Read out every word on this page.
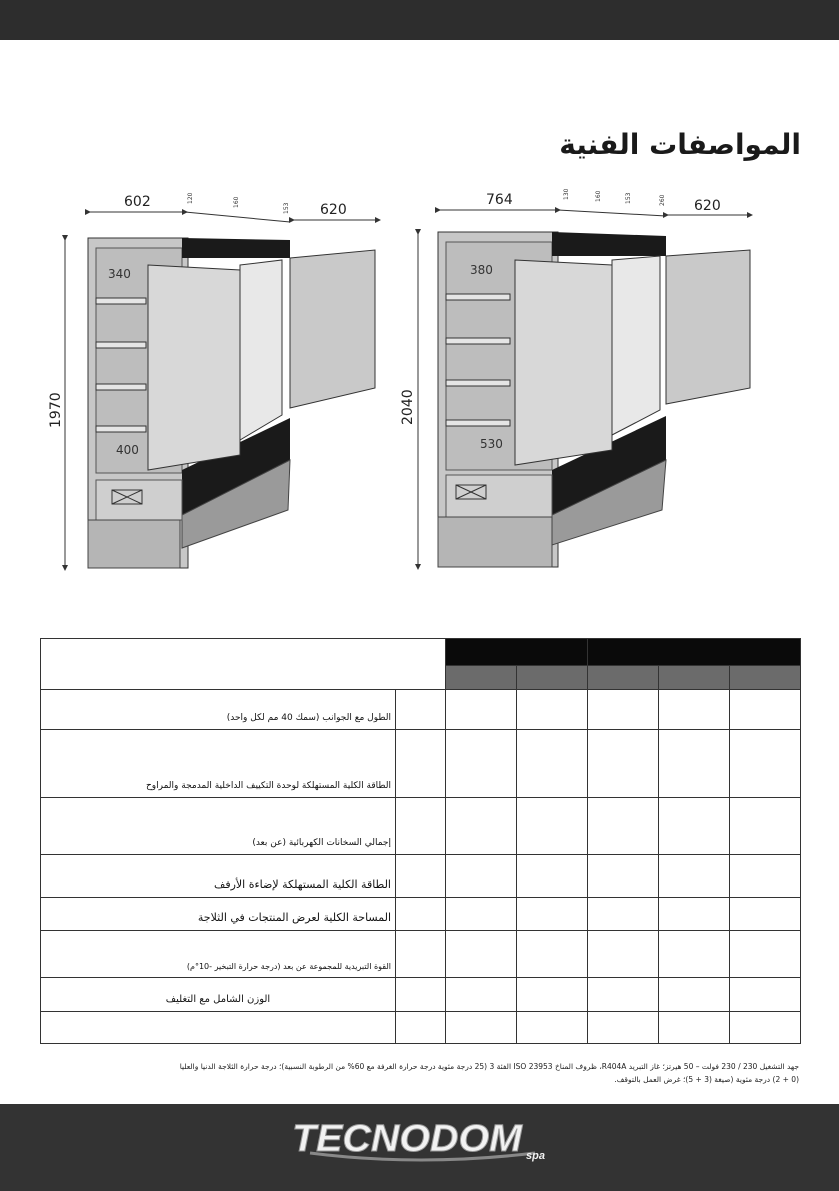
المواصفات الفنية
602	620
1970
340
400
120	160
153
764	620
2040
380
530
130	160	153	260

الطول مع الجوانب (سمك 40 مم لكل واحد)						
الطاقة الكلية المستهلكة لوحدة التكييف الداخلية المدمجة والمراوح						
إجمالي السخانات الكهربائية (عن بعد)						
الطاقة الكلية المستهلكة لإضاءة الأرفف						
المساحة الكلية لعرض المنتجات في الثلاجة						
القوة التبريدية للمجموعة عن بعد (درجة حرارة التبخير -10°م)						
الوزن الشامل مع التغليف						

جهد التشغيل 230 / 230 فولت – 50 هيرتز؛ غاز التبريد R404A، ظروف المناخ ISO 23953 الفئة 3 (25 درجة مئوية درجة حرارة الغرفة مع 60% من الرطوبة النسبية)؛ درجة حرارة الثلاجة الدنيا والعليا
(0 + 2) درجة مئوية (صيغة (3 + 5)؛ غرض العمل بالتوقف.
TECNODOM spa
